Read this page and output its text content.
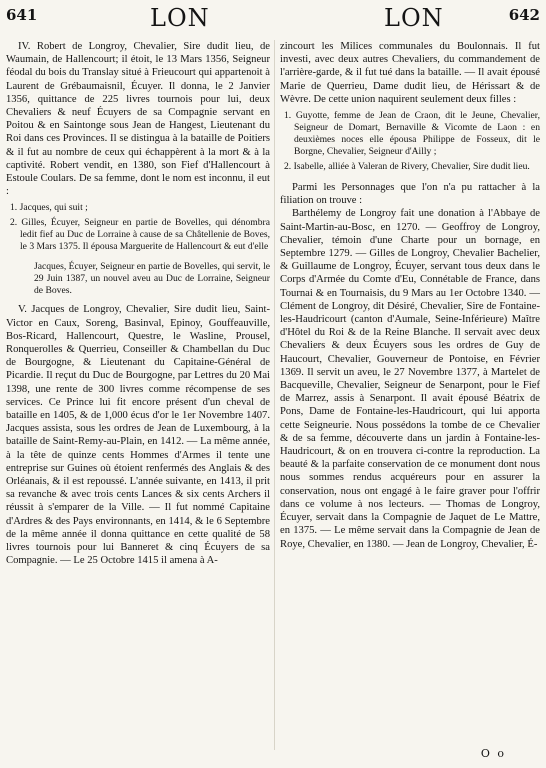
641	LON	LON	642

IV. Robert de Longroy, Chevalier, Sire dudit lieu, de Waumain, de Hallencourt; il étoit, le 13 Mars 1356, Seigneur féodal du bois du Translay situé à Frieucourt qui appartenoit à Laurent de Grébaumaisnil, Écuyer. Il donna, le 2 Janvier 1356, quittance de 225 livres tournois pour lui, deux Chevaliers & neuf Écuyers de sa Compagnie servant en Poitou & en Saintonge sous Jean de Hangest, Lieutenant du Roi dans ces Provinces. Il se distingua à la bataille de Poitiers & il fut au nombre de ceux qui échappèrent à la mort & à la captivité. Robert vendit, en 1380, son Fief d'Hallencourt à Estoule Coulars. De sa femme, dont le nom est inconnu, il eut :

1. Jacques, qui suit ;
2. Gilles, Écuyer, Seigneur en partie de Bovelles, qui dénombra ledit fief au Duc de Lorraine à cause de sa Châtellenie de Boves, le 3 Mars 1375. Il épousa Marguerite de Hallencourt & eut d'elle
Jacques, Écuyer, Seigneur en partie de Bovelles, qui servit, le 29 Juin 1387, un nouvel aveu au Duc de Lorraine, Seigneur de Boves.

V. Jacques de Longroy, Chevalier, Sire dudit lieu, Saint-Victor en Caux, Soreng, Basinval, Epinoy, Gouffeauville, Bos-Ricard, Hallencourt, Questre, le Wasline, Prousel, Ronquerolles & Querrieu, Conseiller & Chambellan du Duc de Bourgogne, & Lieutenant du Capitaine-Général de Picardie. Il reçut du Duc de Bourgogne, par Lettres du 20 Mai 1398, une rente de 300 livres comme récompense de ses services. Ce Prince lui fit encore présent d'un cheval de bataille en 1405, & de 1,000 écus d'or le 1er Novembre 1407. Jacques assista, sous les ordres de Jean de Luxembourg, à la bataille de Saint-Remy-au-Plain, en 1412. — La même année, à la tête de quinze cents Hommes d'Armes il tente une entreprise sur Guines où étoient renfermés des Anglais & des Orléanais, & il est repoussé. L'année suivante, en 1413, il prit sa revanche & avec trois cents Lances & six cents Archers il réussit à s'emparer de la Ville. — Il fut nommé Capitaine d'Ardres & des Pays environnants, en 1414, & le 6 Septembre de la même année il donna quittance en cette qualité de 58 livres tournois pour lui Banneret & cinq Écuyers de sa Compagnie. — Le 25 Octobre 1415 il amena à A-

zincourt les Milices communales du Boulonnais. Il fut investi, avec deux autres Chevaliers, du commandement de l'arrière-garde, & il fut tué dans la bataille. — Il avait épousé Marie de Querrieu, Dame dudit lieu, de Hérissart & de Wèvre. De cette union naquirent seulement deux filles :

1. Guyotte, femme de Jean de Craon, dit le Jeune, Chevalier, Seigneur de Domart, Bernaville & Vicomte de Laon : en deuxièmes noces elle épousa Philippe de Fosseux, dit le Borgne, Chevalier, Seigneur d'Ailly ;
2. Isabelle, alliée à Valeran de Rivery, Chevalier, Sire dudit lieu.

Parmi les Personnages que l'on n'a pu rattacher à la filiation on trouve :

Barthélemy de Longroy fait une donation à l'Abbaye de Saint-Martin-au-Bosc, en 1270. — Geoffroy de Longroy, Chevalier, témoin d'une Charte pour un bornage, en Septembre 1279. — Gilles de Longroy, Chevalier Bachelier, & Guillaume de Longroy, Écuyer, servant tous deux dans le Corps d'Armée du Comte d'Eu, Connétable de France, dans Tournai & en Tournaisis, du 9 Mars au 1er Octobre 1340. — Clément de Longroy, dit Désiré, Chevalier, Sire de Fontaine-les-Haudricourt (canton d'Aumale, Seine-Inférieure) Maître d'Hôtel du Roi & de la Reine Blanche. Il servait avec deux Chevaliers & deux Écuyers sous les ordres de Guy de Haucourt, Chevalier, Gouverneur de Pontoise, en Février 1369. Il servit un aveu, le 27 Novembre 1377, à Martelet de Bacqueville, Chevalier, Seigneur de Senarpont, pour le Fief de Marrez, assis à Senarpont. Il avait épousé Béatrix de Pons, Dame de Fontaine-les-Haudricourt, qui lui apporta cette Seigneurie. Nous possédons la tombe de ce Chevalier & de sa femme, découverte dans un jardin à Fontaine-les-Haudricourt, & on en trouvera ci-contre la reproduction. La beauté & la parfaite conservation de ce monument dont nous nous sommes rendus acquéreurs pour en assurer la conservation, nous ont engagé à le faire graver pour l'offrir dans ce volume à nos lecteurs. — Thomas de Longroy, Écuyer, servait dans la Compagnie de Jaquet de Le Mattre, en 1375. — Le même servait dans la Compagnie de Jean de Roye, Chevalier, en 1380. — Jean de Longroy, Chevalier, É-

O o
